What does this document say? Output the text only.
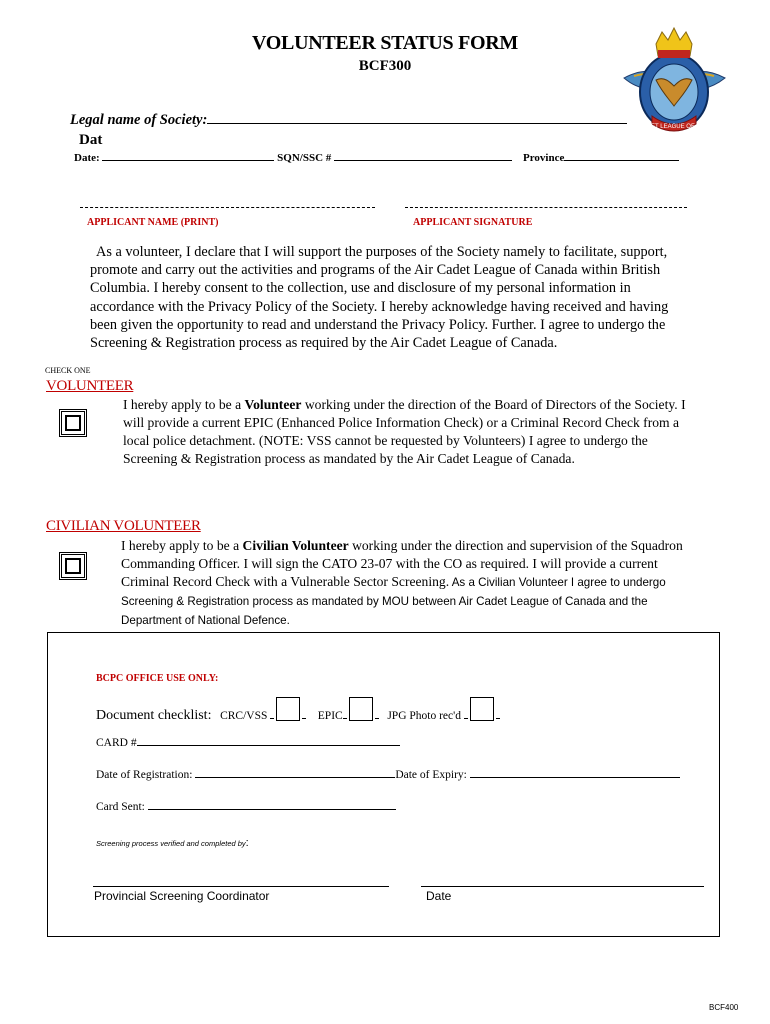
VOLUNTEER STATUS FORM
BCF300
AIR CADET LEAGUE OF CANADA
Legal name of Society:
Dat
Date:	SQN/SSC #	Province
APPLICANT NAME (PRINT)	APPLICANT SIGNATURE
As a volunteer, I declare that I will support the purposes of the Society namely to facilitate, support, promote and carry out the activities and programs of the Air Cadet League of Canada within British Columbia. I hereby consent to the collection, use and disclosure of my personal information in accordance with the Privacy Policy of the Society. I hereby acknowledge having received and having been given the opportunity to read and understand the Privacy Policy. Further. I agree to undergo the Screening & Registration process as required by the Air Cadet League of Canada.
CHECK ONE
VOLUNTEER
I hereby apply to be a Volunteer working under the direction of the Board of Directors of the Society. I will provide a current EPIC (Enhanced Police Information Check) or a Criminal Record Check from a local police detachment. (NOTE: VSS cannot be requested by Volunteers) I agree to undergo the Screening & Registration process as mandated by the Air Cadet League of Canada.
CIVILIAN VOLUNTEER
I hereby apply to be a Civilian Volunteer working under the direction and supervision of the Squadron Commanding Officer. I will sign the CATO 23-07 with the CO as required. I will provide a current Criminal Record Check with a Vulnerable Sector Screening. As a Civilian Volunteer I agree to undergo Screening & Registration process as mandated by MOU between Air Cadet League of Canada and the Department of National Defence.
BCPC OFFICE USE ONLY:
Document checklist: CRC/VSS	EPIC	JPG Photo rec'd
CARD #
Date of Registration:	Date of Expiry:
Card Sent:
Screening process verified and completed by:
Provincial Screening Coordinator	Date
BCF400
